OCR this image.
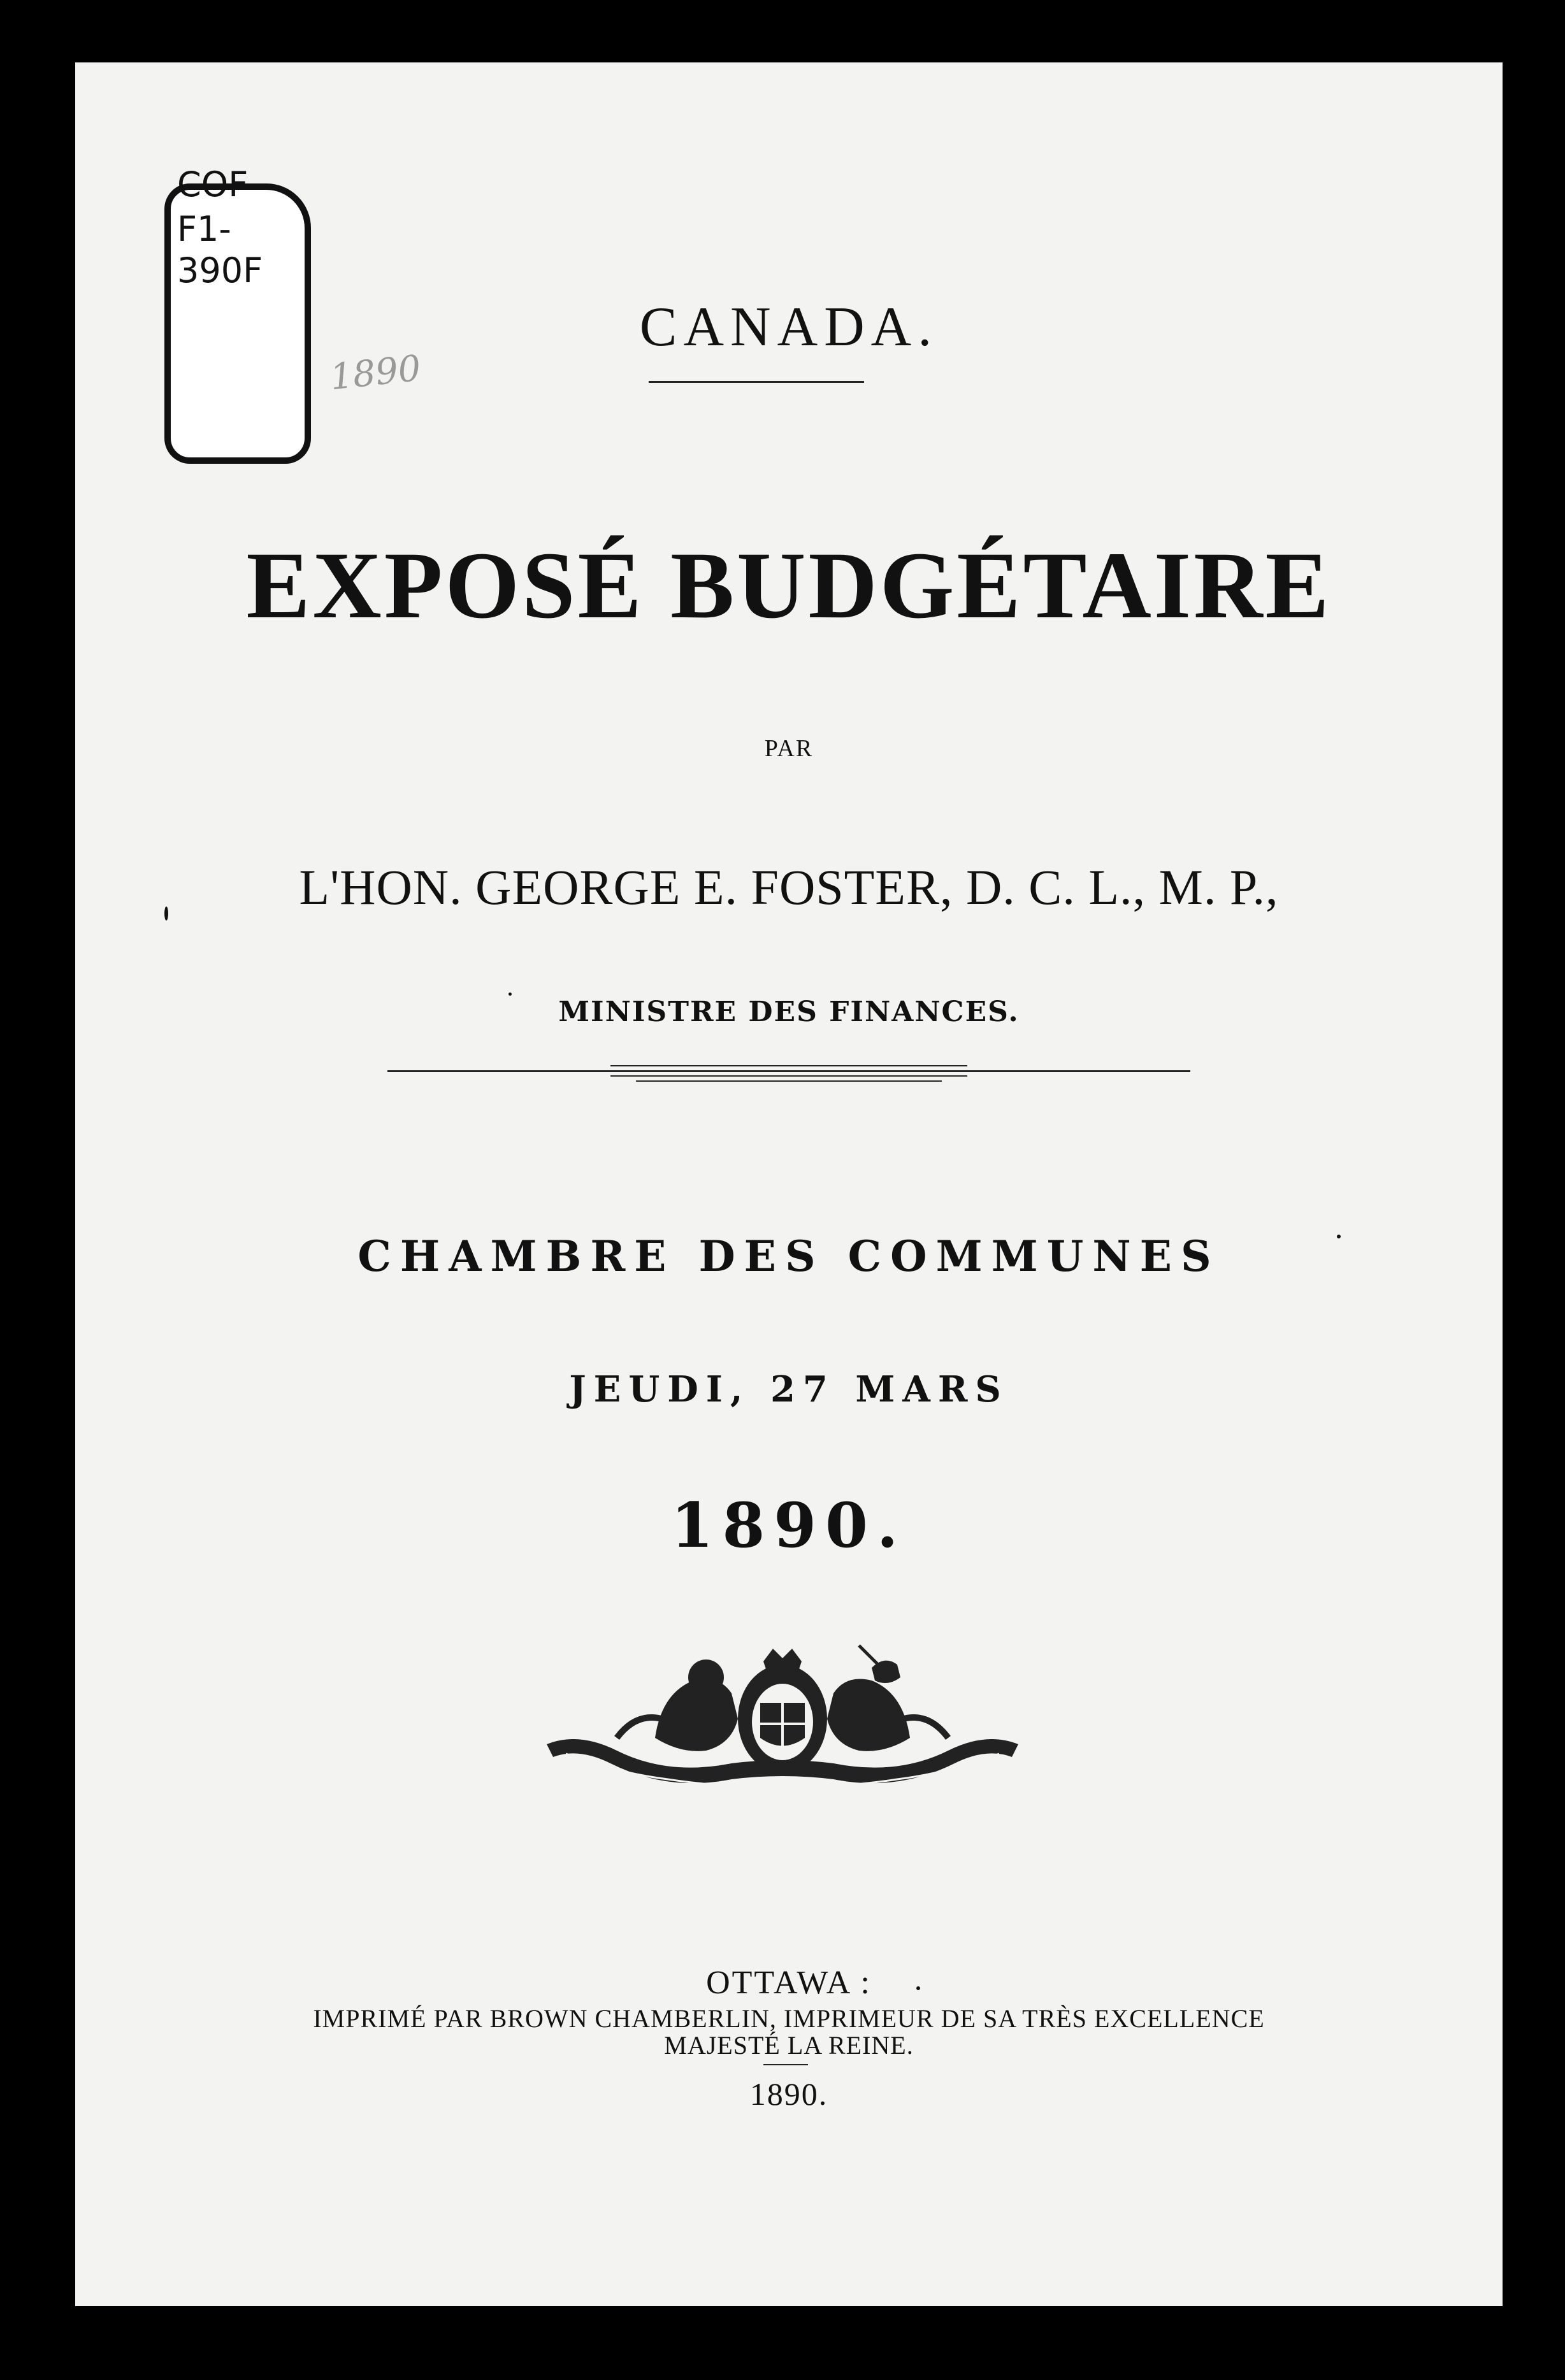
COF
F1-
390F
1890
CANADA.
EXPOSÉ BUDGÉTAIRE
PAR
L'HON. GEORGE E. FOSTER, D. C. L., M. P.,
MINISTRE DES FINANCES.
CHAMBRE DES COMMUNES
JEUDI, 27 MARS
1890.
OTTAWA :
IMPRIMÉ PAR BROWN CHAMBERLIN, IMPRIMEUR DE SA TRÈS EXCELLENCE
MAJESTÉ LA REINE.
1890.
